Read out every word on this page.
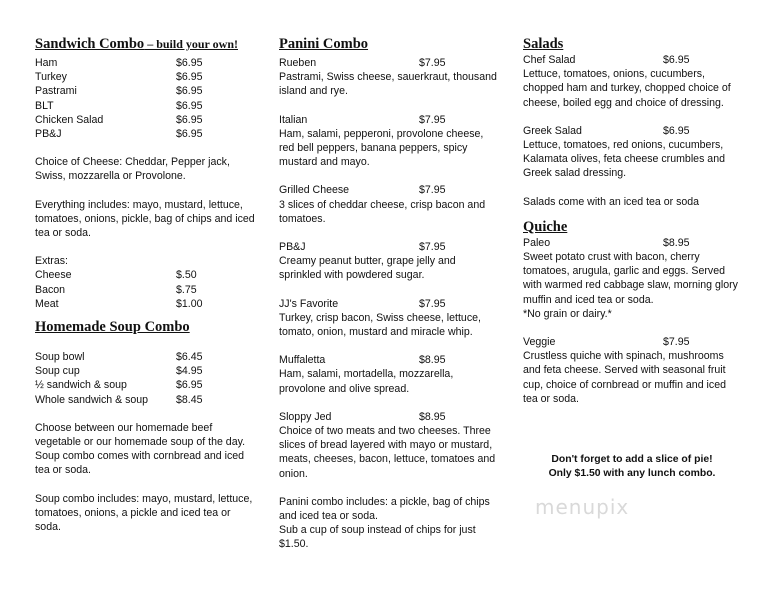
Sandwich Combo – build your own!
Ham	$6.95
Turkey	$6.95
Pastrami	$6.95
BLT	$6.95
Chicken Salad	$6.95
PB&J	$6.95

Choice of Cheese: Cheddar, Pepper jack, Swiss, mozzarella or Provolone.

Everything includes: mayo, mustard, lettuce, tomatoes, onions, pickle, bag of chips and iced tea or soda.

Extras:

Cheese	$.50
Bacon	$.75
Meat	$1.00
Homemade Soup Combo
Soup bowl	$6.45
Soup cup	$4.95
½ sandwich & soup	$6.95
Whole sandwich & soup	$8.45

Choose between our homemade beef vegetable or our homemade soup of the day. Soup combo comes with cornbread and iced tea or soda.

Soup combo includes: mayo, mustard, lettuce, tomatoes, onions, a pickle and iced tea or soda.

Panini Combo
Rueben	$7.95

Pastrami, Swiss cheese, sauerkraut, thousand island and rye.

Italian	$7.95

Ham, salami, pepperoni, provolone cheese, red bell peppers, banana peppers, spicy mustard and mayo.

Grilled Cheese	$7.95

3 slices of cheddar cheese, crisp bacon and tomatoes.

PB&J	$7.95

Creamy peanut butter, grape jelly and sprinkled with powdered sugar.

JJ's Favorite	$7.95

Turkey, crisp bacon, Swiss cheese, lettuce, tomato, onion, mustard and miracle whip.

Muffaletta	$8.95

Ham, salami, mortadella, mozzarella, provolone and olive spread.

Sloppy Jed	$8.95

Choice of two meats and two cheeses. Three slices of bread layered with mayo or mustard, meats, cheeses, bacon, lettuce, tomatoes and onion.

Panini combo includes: a pickle, bag of chips and iced tea or soda.

Sub a cup of soup instead of chips for just $1.50.

Salads
Chef Salad	$6.95

Lettuce, tomatoes, onions, cucumbers, chopped ham and turkey, chopped choice of cheese, boiled egg and choice of dressing.

Greek Salad	$6.95

Lettuce, tomatoes, red onions, cucumbers, Kalamata olives, feta cheese crumbles and Greek salad dressing.

Salads come with an iced tea or soda

Quiche
Paleo	$8.95

Sweet potato crust with bacon, cherry tomatoes, arugula, garlic and eggs. Served with warmed red cabbage slaw, morning glory muffin and iced tea or soda.

*No grain or dairy.*

Veggie	$7.95

Crustless quiche with spinach, mushrooms and feta cheese. Served with seasonal fruit cup, choice of cornbread or muffin and iced tea or soda.

Don't forget to add a slice of pie!
Only $1.50 with any lunch combo.
menupix
